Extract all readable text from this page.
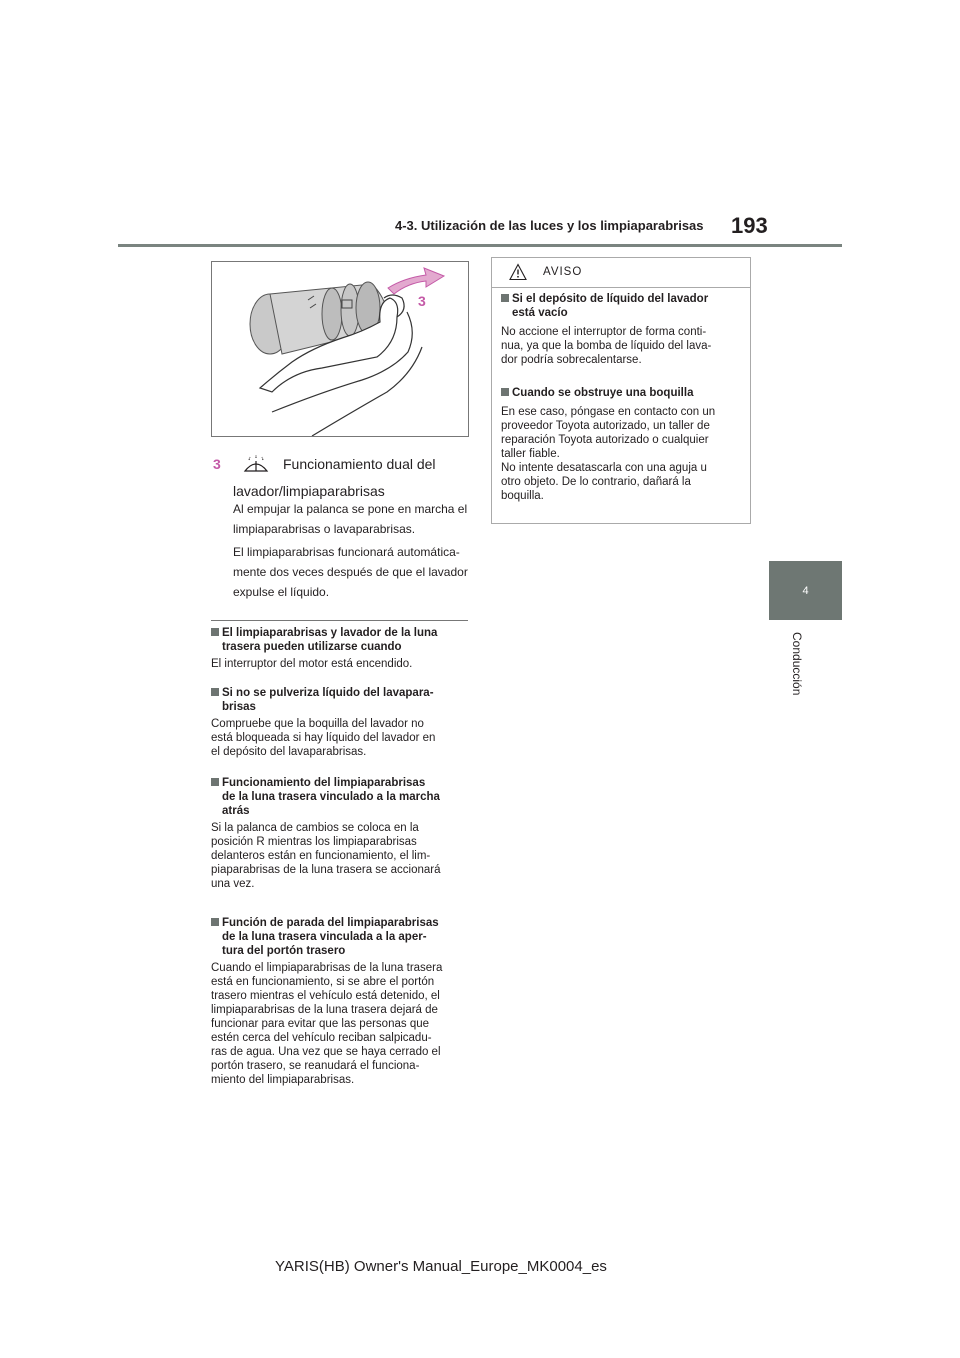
4-3. Utilización de las luces y los limpiaparabrisas 193
4
Conducción
3
3	Funcionamiento dual del
lavador/limpiaparabrisas
Al empujar la palanca se pone en marcha el
limpiaparabrisas o lavaparabrisas.
El limpiaparabrisas funcionará automática-
mente dos veces después de que el lavador
expulse el líquido.
El limpiaparabrisas y lavador de la luna
trasera pueden utilizarse cuando
El interruptor del motor está encendido.
Si no se pulveriza líquido del lavapara-
brisas
Compruebe que la boquilla del lavador no
está bloqueada si hay líquido del lavador en
el depósito del lavaparabrisas.
Funcionamiento del limpiaparabrisas
de la luna trasera vinculado a la marcha
atrás
Si la palanca de cambios se coloca en la
posición R mientras los limpiaparabrisas
delanteros están en funcionamiento, el lim-
piaparabrisas de la luna trasera se accionará
una vez.
Función de parada del limpiaparabrisas
de la luna trasera vinculada a la aper-
tura del portón trasero
Cuando el limpiaparabrisas de la luna trasera
está en funcionamiento, si se abre el portón
trasero mientras el vehículo está detenido, el
limpiaparabrisas de la luna trasera dejará de
funcionar para evitar que las personas que
estén cerca del vehículo reciban salpicadu-
ras de agua. Una vez que se haya cerrado el
portón trasero, se reanudará el funciona-
miento del limpiaparabrisas.
AVISO
Si el depósito de líquido del lavador
está vacío
No accione el interruptor de forma conti-
nua, ya que la bomba de líquido del lava-
dor podría sobrecalentarse.
Cuando se obstruye una boquilla
En ese caso, póngase en contacto con un
proveedor Toyota autorizado, un taller de
reparación Toyota autorizado o cualquier
taller fiable.
No intente desatascarla con una aguja u
otro objeto. De lo contrario, dañará la
boquilla.
YARIS(HB) Owner's Manual_Europe_MK0004_es
